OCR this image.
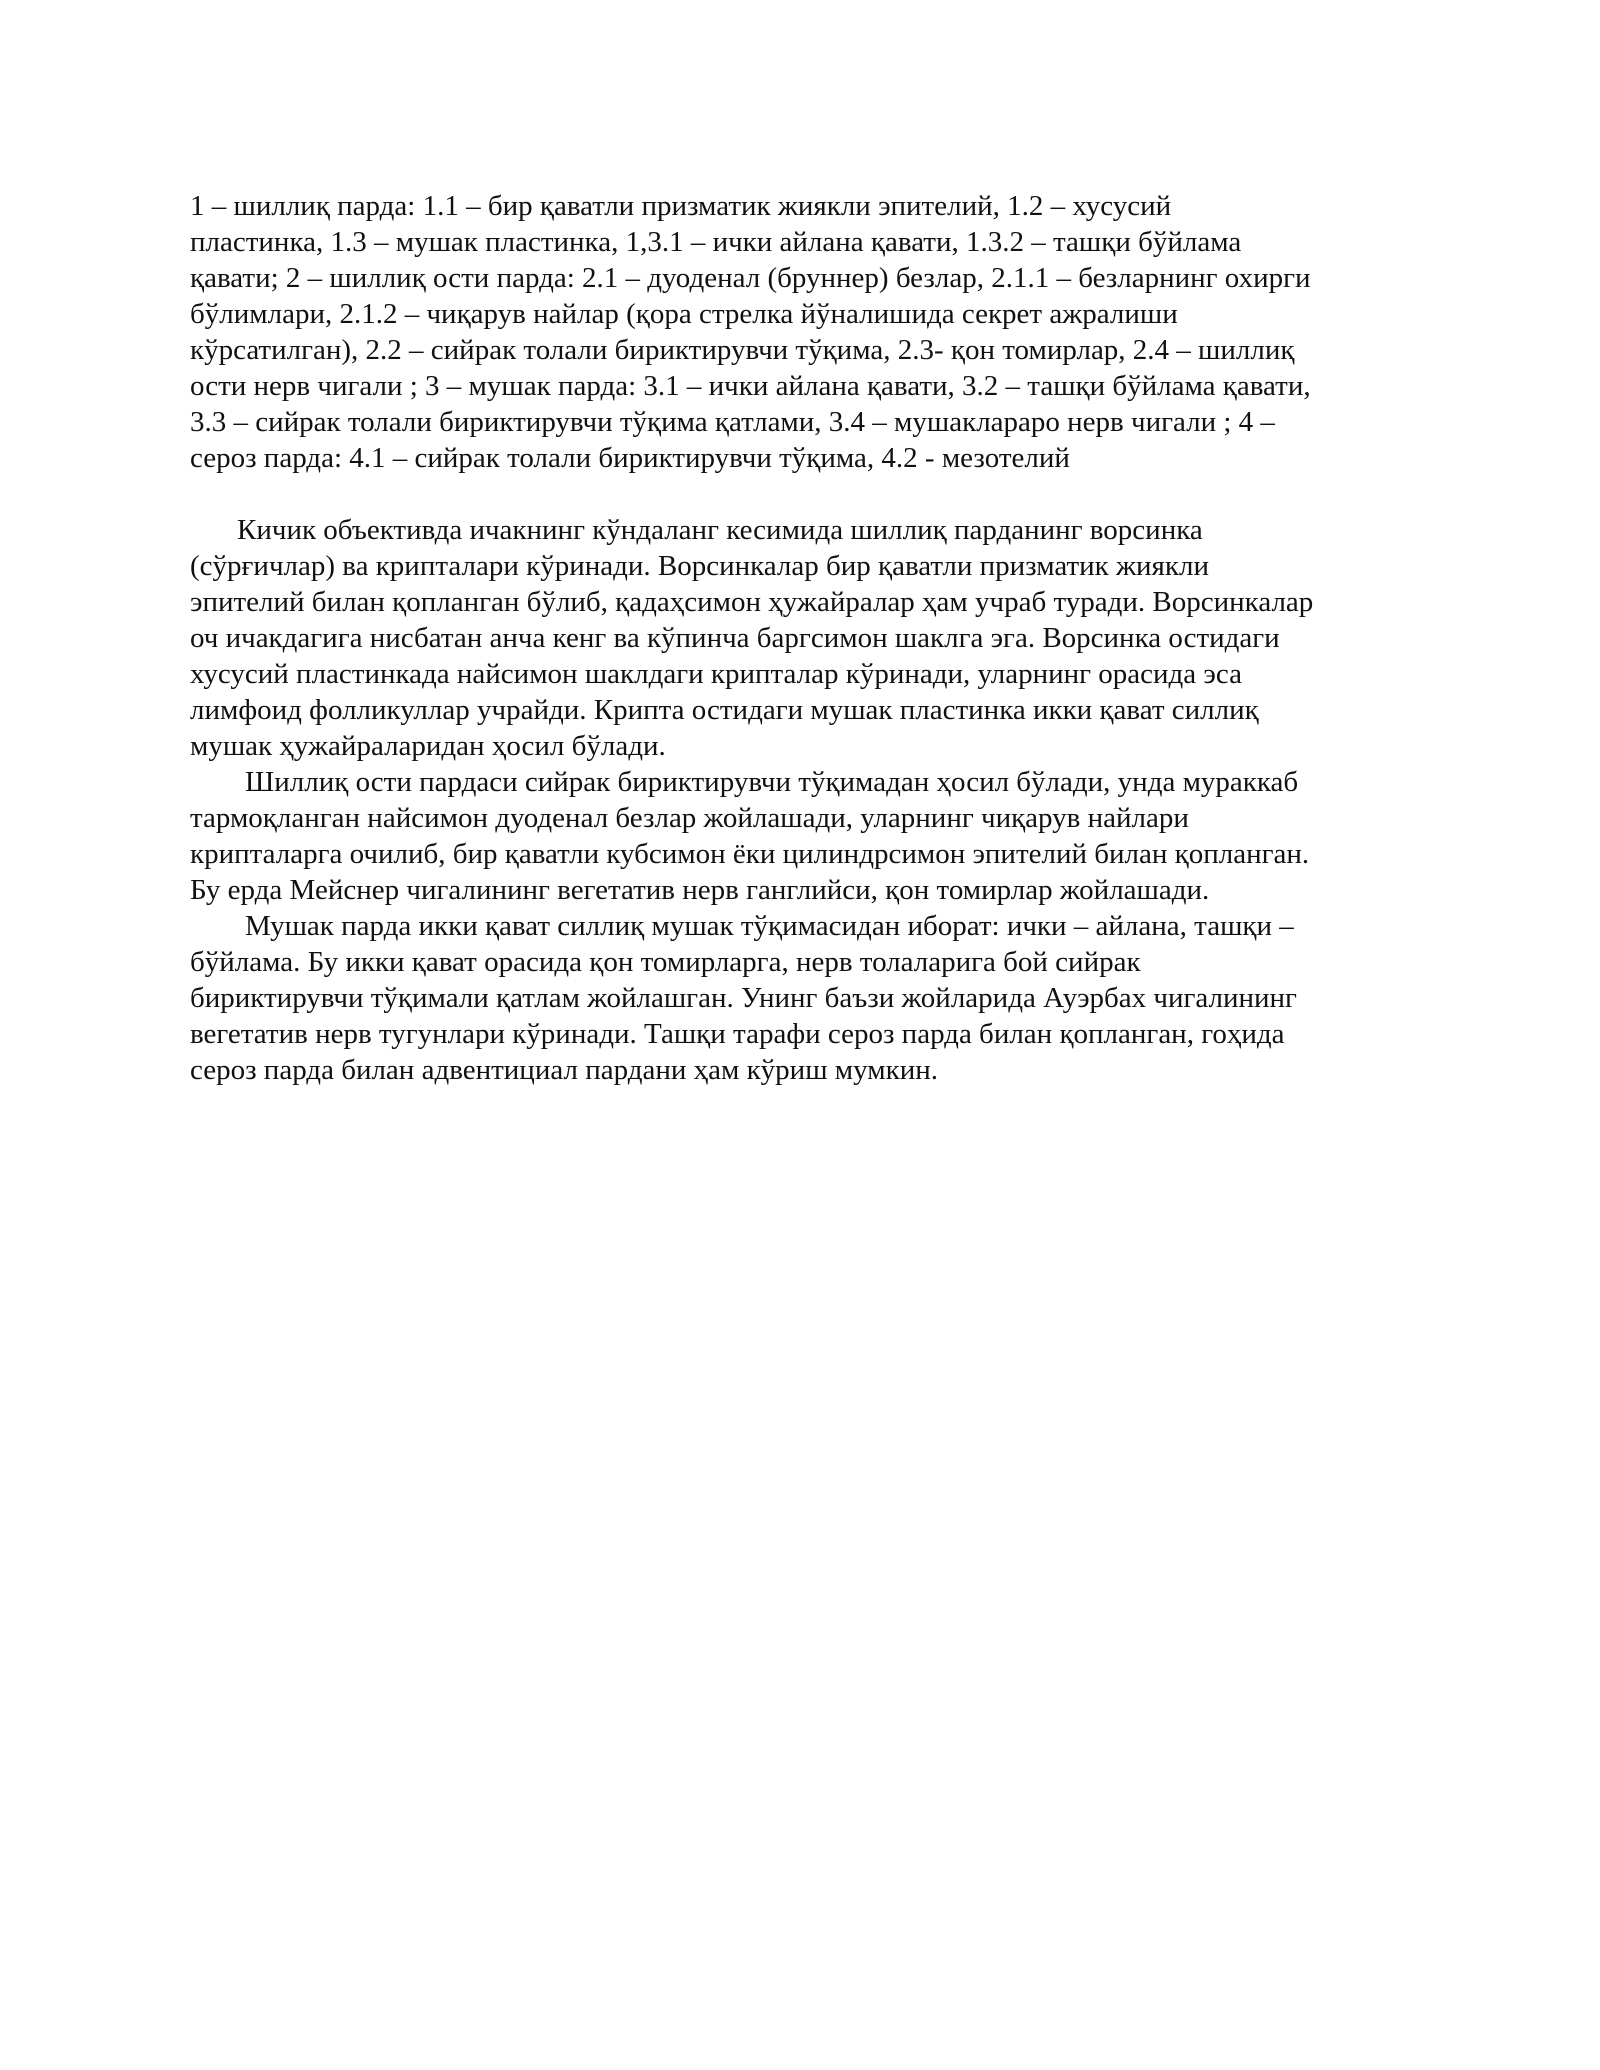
1 – шиллиқ парда: 1.1 – бир қаватли призматик жиякли эпителий, 1.2 – хусусий

пластинка, 1.3 – мушак пластинка, 1,3.1 – ички айлана қавати, 1.3.2 – ташқи бўйлама

қавати; 2 – шиллиқ ости парда: 2.1 – дуоденал (бруннер) безлар, 2.1.1 – безларнинг охирги

бўлимлари, 2.1.2 – чиқарув найлар (қора стрелка йўналишида секрет ажралиши

кўрсатилган), 2.2 – сийрак толали бириктирувчи тўқима, 2.3- қон томирлар, 2.4 – шиллиқ

ости нерв чигали ; 3 – мушак парда: 3.1 – ички айлана қавати, 3.2 – ташқи бўйлама қавати,

3.3 – сийрак толали бириктирувчи тўқима қатлами, 3.4 – мушакларaро нерв чигали ; 4 –

сероз парда: 4.1 – сийрак толали бириктирувчи тўқима, 4.2 - мезотелий

Кичик объективда ичакнинг кўндаланг кесимида шиллиқ парданинг ворсинка

(сўрғичлар) ва крипталари кўринади. Ворсинкалар бир қаватли призматик жиякли

эпителий билан қопланган бўлиб, қадаҳсимон ҳужайралар ҳам учраб туради. Ворсинкалар

оч ичакдагига нисбатан анча кенг ва кўпинча баргсимон шаклга эга. Ворсинка остидаги

хусусий пластинкада найсимон шаклдаги крипталар кўринади, уларнинг орасида эса

лимфоид фолликуллар учрайди. Крипта остидаги мушак пластинка икки қават силлиқ

мушак ҳужайраларидан ҳосил бўлади.

Шиллиқ ости пардаси сийрак бириктирувчи тўқимадан ҳосил бўлади, унда мураккаб

тармоқланган найсимон дуоденал безлар жойлашади, уларнинг чиқарув найлари

крипталарга очилиб, бир қаватли кубсимон ёки цилиндрсимон эпителий билан қопланган.

Бу ерда Мейснер чигалининг вегетатив нерв ганглийси, қон томирлар жойлашади.

Мушак парда икки қават силлиқ мушак тўқимасидан иборат: ички – айлана, ташқи –

бўйлама. Бу икки қават орасида қон томирларга, нерв толаларига бой сийрак

бириктирувчи тўқимали қатлам жойлашган. Унинг баъзи жойларида Ауэрбах чигалининг

вегетатив нерв тугунлари кўринади. Ташқи тарафи сероз парда билан қопланган, гоҳида

сероз парда билан адвентициал пардани ҳам кўриш мумкин.
